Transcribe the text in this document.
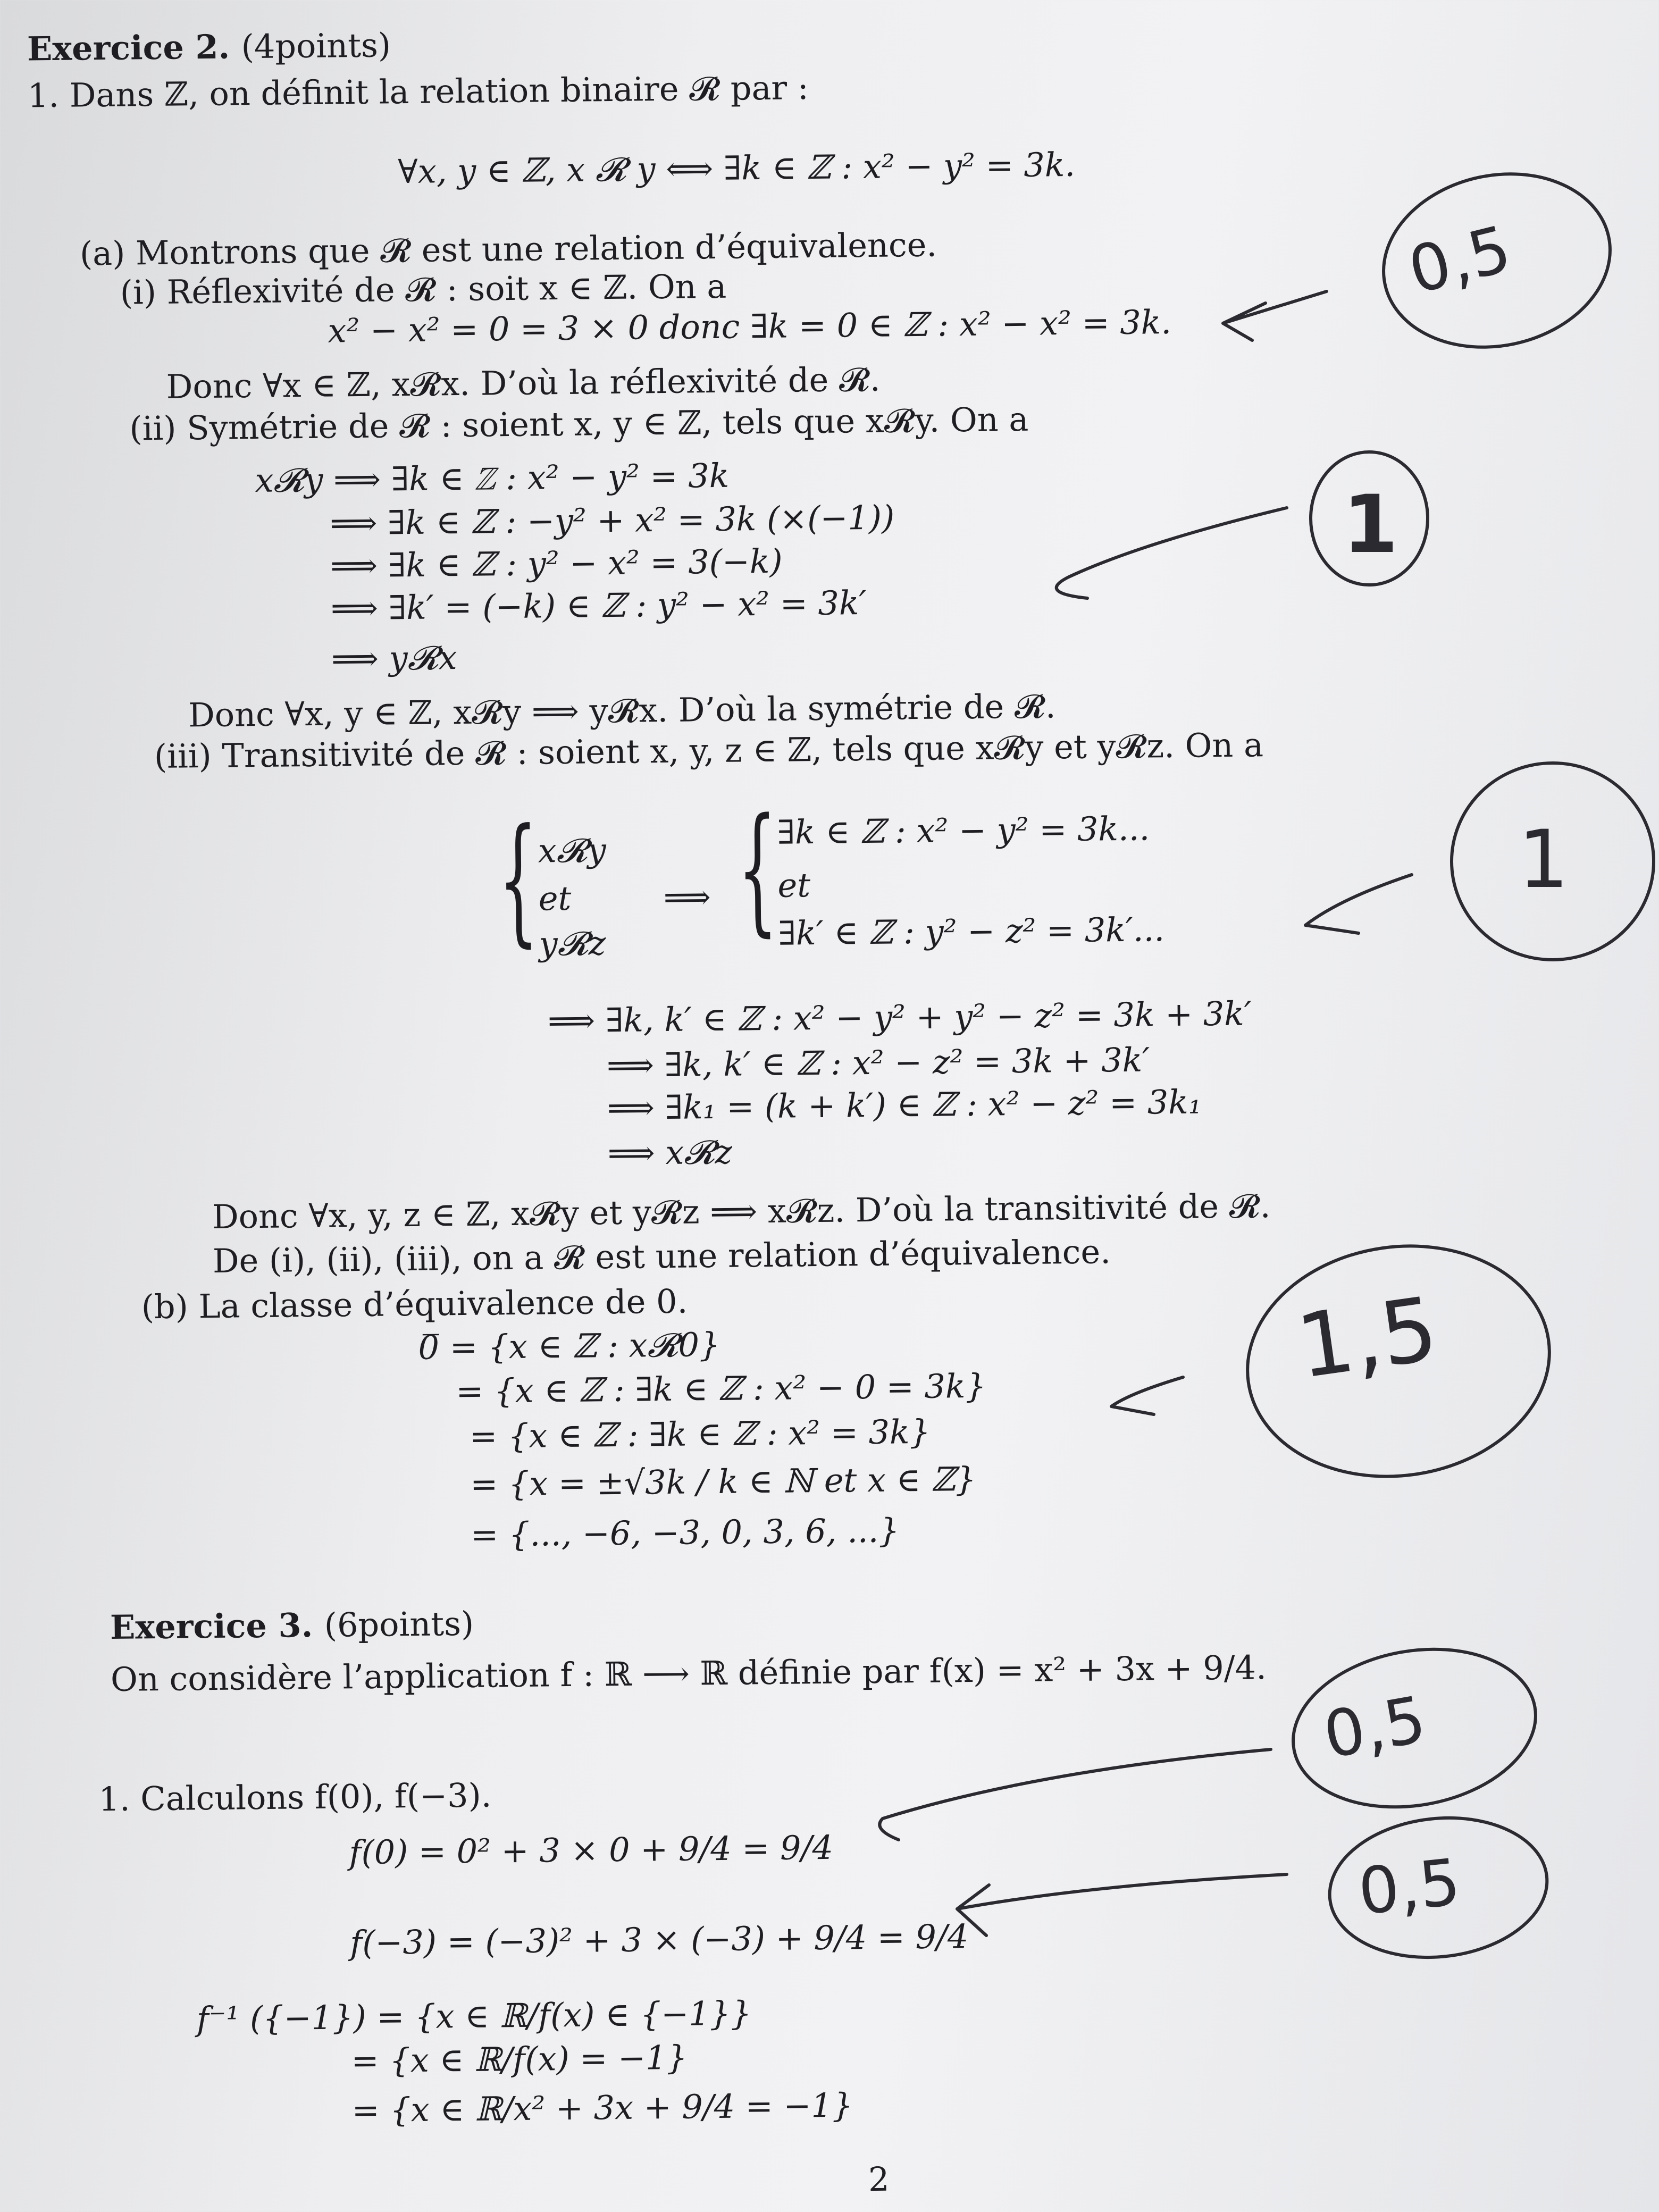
Exercice 2. (4points)
1. Dans ℤ, on définit la relation binaire 𝓡 par :
∀x, y ∈ ℤ, x 𝓡 y ⟺ ∃k ∈ ℤ : x² − y² = 3k.
(a) Montrons que 𝓡 est une relation d’équivalence.
(i) Réflexivité de 𝓡 : soit x ∈ ℤ. On a
x² − x² = 0 = 3 × 0 donc ∃k = 0 ∈ ℤ : x² − x² = 3k.
Donc ∀x ∈ ℤ, x𝓡x. D’où la réflexivité de 𝓡.
(ii) Symétrie de 𝓡 : soient x, y ∈ ℤ, tels que x𝓡y. On a
x𝓡y ⟹ ∃k ∈ ℤ : x² − y² = 3k
⟹ ∃k ∈ ℤ : −y² + x² = 3k (×(−1))
⟹ ∃k ∈ ℤ : y² − x² = 3(−k)
⟹ ∃k′ = (−k) ∈ ℤ : y² − x² = 3k′
⟹ y𝓡x
Donc ∀x, y ∈ ℤ, x𝓡y ⟹ y𝓡x. D’où la symétrie de 𝓡.
(iii) Transitivité de 𝓡 : soient x, y, z ∈ ℤ, tels que x𝓡y et y𝓡z. On a
{
x𝓡y
et
y𝓡z
⟹ {
∃k ∈ ℤ : x² − y² = 3k...
et
∃k′ ∈ ℤ : y² − z² = 3k′...
⟹ ∃k, k′ ∈ ℤ : x² − y² + y² − z² = 3k + 3k′
⟹ ∃k, k′ ∈ ℤ : x² − z² = 3k + 3k′
⟹ ∃k₁ = (k + k′) ∈ ℤ : x² − z² = 3k₁
⟹ x𝓡z
Donc ∀x, y, z ∈ ℤ, x𝓡y et y𝓡z ⟹ x𝓡z. D’où la transitivité de 𝓡.
De (i), (ii), (iii), on a 𝓡 est une relation d’équivalence.
(b) La classe d’équivalence de 0.
0̅ = {x ∈ ℤ : x𝓡0}
= {x ∈ ℤ : ∃k ∈ ℤ : x² − 0 = 3k}
= {x ∈ ℤ : ∃k ∈ ℤ : x² = 3k}
= {x = ±√3k / k ∈ ℕ et x ∈ ℤ}
= {..., −6, −3, 0, 3, 6, ...}
Exercice 3. (6points)
On considère l’application f : ℝ ⟶ ℝ définie par f(x) = x² + 3x + 9/4.
1. Calculons f(0), f(−3).
f(0) = 0² + 3 × 0 + 9/4 = 9/4
f(−3) = (−3)² + 3 × (−3) + 9/4 = 9/4
f⁻¹ ({−1}) = {x ∈ ℝ/f(x) ∈ {−1}}
= {x ∈ ℝ/f(x) = −1}
= {x ∈ ℝ/x² + 3x + 9/4 = −1}
2
0,5
1
1
1,5
0,5
0,5
